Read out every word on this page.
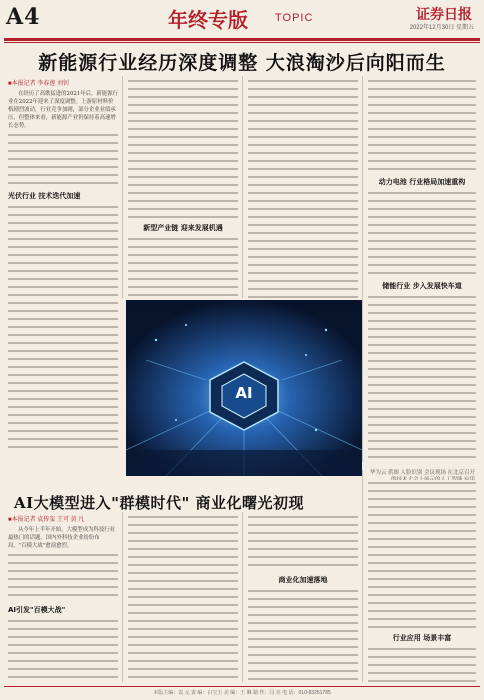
A4	年终专版 TOPIC	证券日报
2022年12月30日 星期五
新能源行业经历深度调整 大浪淘沙后向阳而生
■本报记者 李春莲 刘钊

在经历了高歌猛进的2021年后，新能源行业在2022年迎来了深度调整。上游原材料价格剧烈波动，行业竞争加剧，部分企业业绩承压，但整体来看，新能源产业仍保持着高速增长态势。

光伏行业 技术迭代加速
新型产业链 迎来发展机遇
动力电池 行业格局加速重构
储能行业 步入发展快车道
AI
华为云 供图 人脸识别 会议现场 在北京召开
AI大模型进入"群模时代" 商业化曙光初现
■本报记者 袁传玺 王可 黄 凡

从今年上半年开始，大模型成为科技行业最热门的话题。国内外科技企业纷纷布局，"百模大战"愈演愈烈。

AI引发"百模大战"
商业化加速落地
行业应用 场景丰富
本版主编：袁 元 责 编：白宝玉 美 编：王 琳 制 作：闫 亮 电 话：010-83251785
